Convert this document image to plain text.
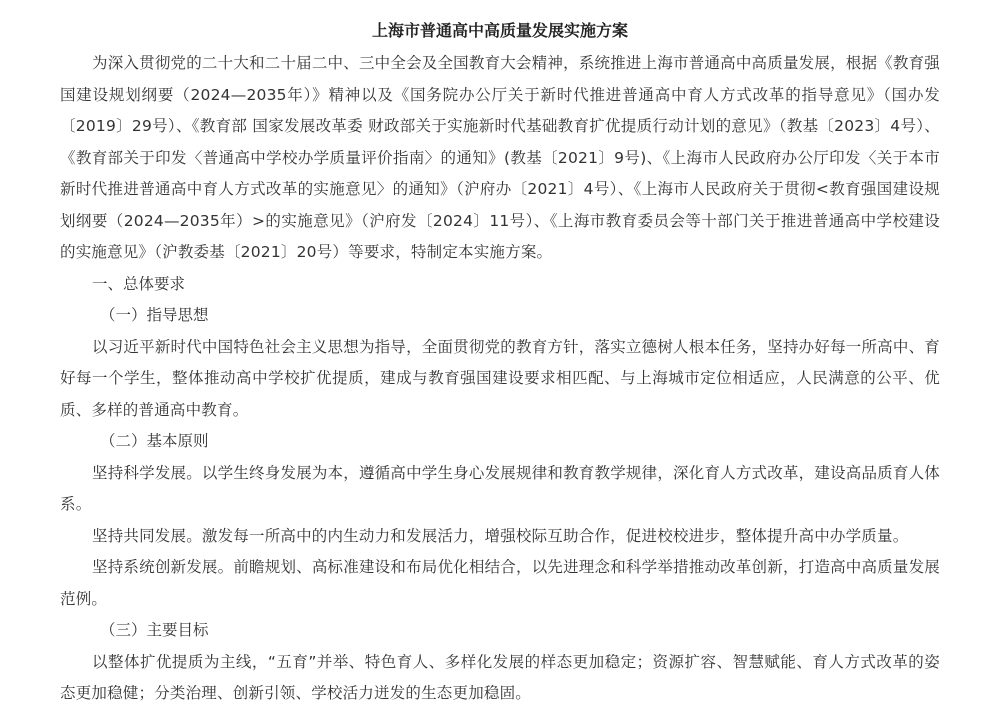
上海市普通高中高质量发展实施方案

为深入贯彻党的二十大和二十届二中、三中全会及全国教育大会精神，系统推进上海市普通高中高质量发展，根据《教育强国建设规划纲要（2024—2035年）》精神以及《国务院办公厅关于新时代推进普通高中育人方式改革的指导意见》（国办发〔2019〕29号）、《教育部 国家发展改革委 财政部关于实施新时代基础教育扩优提质行动计划的意见》（教基〔2023〕4号）、《教育部关于印发〈普通高中学校办学质量评价指南〉的通知》(教基〔2021〕9号)、《上海市人民政府办公厅印发〈关于本市新时代推进普通高中育人方式改革的实施意见〉的通知》（沪府办〔2021〕4号）、《上海市人民政府关于贯彻<教育强国建设规划纲要（2024—2035年）>的实施意见》（沪府发〔2024〕11号）、《上海市教育委员会等十部门关于推进普通高中学校建设的实施意见》（沪教委基〔2021〕20号）等要求，特制定本实施方案。

一、总体要求

（一）指导思想

以习近平新时代中国特色社会主义思想为指导，全面贯彻党的教育方针，落实立德树人根本任务，坚持办好每一所高中、育好每一个学生，整体推动高中学校扩优提质，建成与教育强国建设要求相匹配、与上海城市定位相适应，人民满意的公平、优质、多样的普通高中教育。

（二）基本原则

坚持科学发展。以学生终身发展为本，遵循高中学生身心发展规律和教育教学规律，深化育人方式改革，建设高品质育人体系。

坚持共同发展。激发每一所高中的内生动力和发展活力，增强校际互助合作，促进校校进步，整体提升高中办学质量。

坚持系统创新发展。前瞻规划、高标准建设和布局优化相结合，以先进理念和科学举措推动改革创新，打造高中高质量发展范例。

（三）主要目标

以整体扩优提质为主线，“五育”并举、特色育人、多样化发展的样态更加稳定；资源扩容、智慧赋能、育人方式改革的姿态更加稳健；分类治理、创新引领、学校活力迸发的生态更加稳固。
